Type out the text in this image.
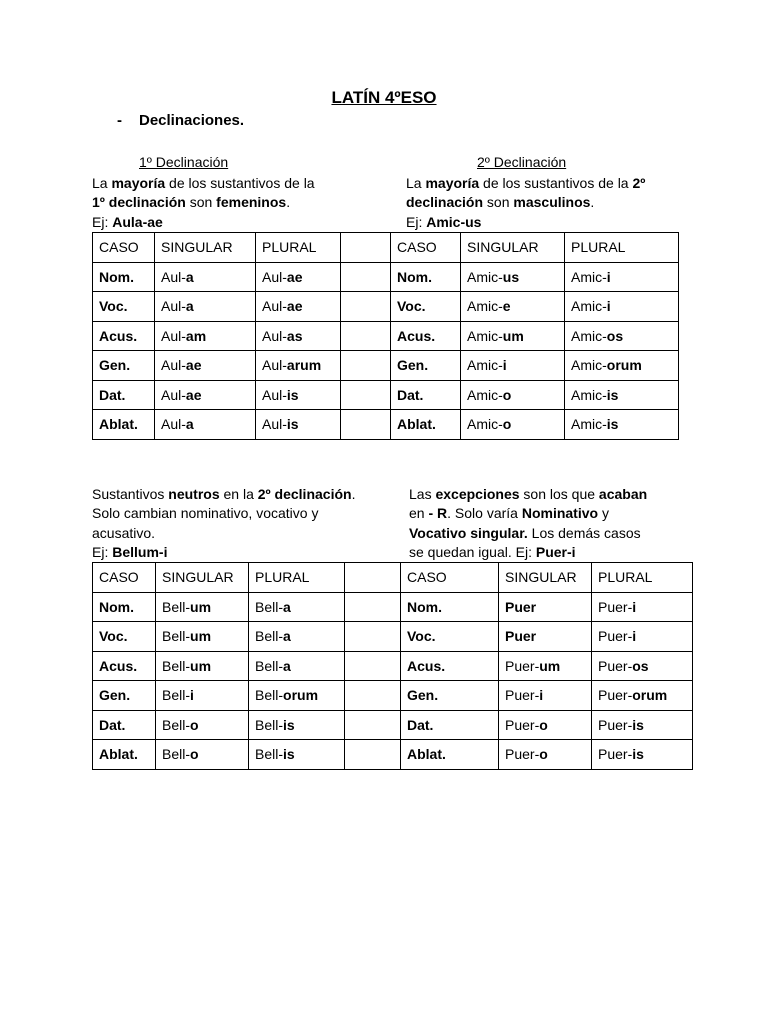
LATÍN 4ºESO
- Declinaciones.
1º Declinación	2º Declinación
La mayoría de los sustantivos de la
1º declinación son femeninos.
Ej: Aula-ae
La mayoría de los sustantivos de la 2º
declinación son masculinos.
Ej: Amic-us
CASO	SINGULAR	PLURAL		CASO	SINGULAR	PLURAL
Nom.	Aul-a	Aul-ae		Nom.	Amic-us	Amic-i
Voc.	Aul-a	Aul-ae		Voc.	Amic-e	Amic-i
Acus.	Aul-am	Aul-as		Acus.	Amic-um	Amic-os
Gen.	Aul-ae	Aul-arum		Gen.	Amic-i	Amic-orum
Dat.	Aul-ae	Aul-is		Dat.	Amic-o	Amic-is
Ablat.	Aul-a	Aul-is		Ablat.	Amic-o	Amic-is
Sustantivos neutros en la 2º declinación.
Solo cambian nominativo, vocativo y
acusativo.
Ej: Bellum-i
Las excepciones son los que acaban
en - R. Solo varía Nominativo y
Vocativo singular. Los demás casos
se quedan igual. Ej: Puer-i
CASO	SINGULAR	PLURAL		CASO	SINGULAR	PLURAL
Nom.	Bell-um	Bell-a		Nom.	Puer	Puer-i
Voc.	Bell-um	Bell-a		Voc.	Puer	Puer-i
Acus.	Bell-um	Bell-a		Acus.	Puer-um	Puer-os
Gen.	Bell-i	Bell-orum		Gen.	Puer-i	Puer-orum
Dat.	Bell-o	Bell-is		Dat.	Puer-o	Puer-is
Ablat.	Bell-o	Bell-is		Ablat.	Puer-o	Puer-is
